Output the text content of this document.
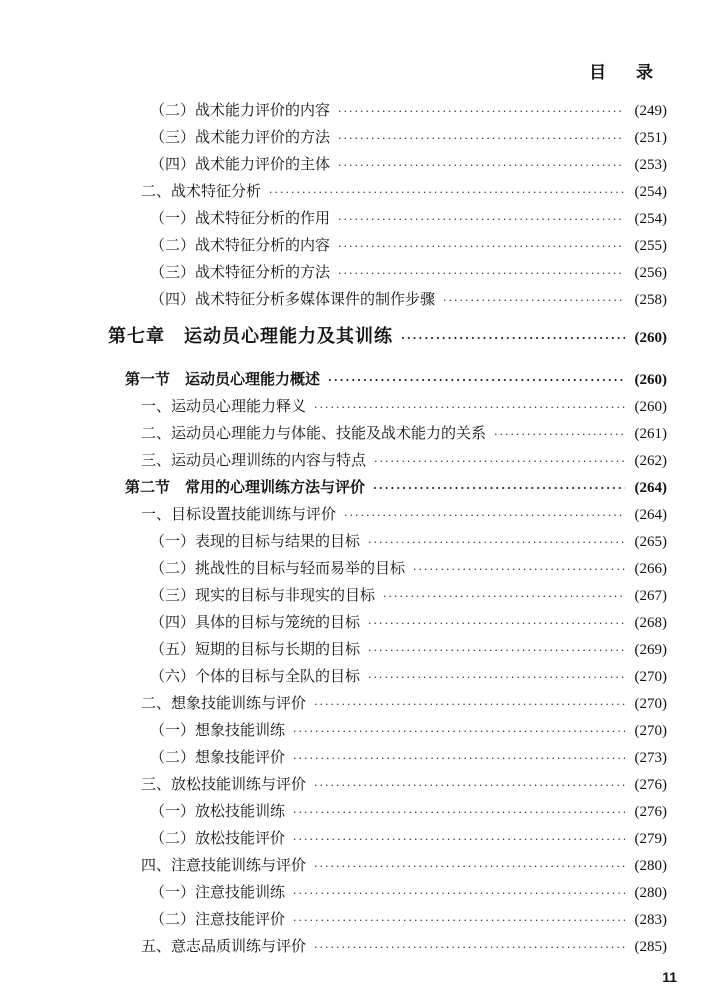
目 录
（二）战术能力评价的内容 ·····	(249)
（三）战术能力评价的方法 ·····	(251)
（四）战术能力评价的主体 ·····	(253)
二、战术特征分析 ·····	(254)
（一）战术特征分析的作用 ·····	(254)
（二）战术特征分析的内容 ·····	(255)
（三）战术特征分析的方法 ·····	(256)
（四）战术特征分析多媒体课件的制作步骤 ·····	(258)
第七章　运动员心理能力及其训练 ·····	(260)
第一节　运动员心理能力概述 ·····	(260)
一、运动员心理能力释义 ·····	(260)
二、运动员心理能力与体能、技能及战术能力的关系 ·····	(261)
三、运动员心理训练的内容与特点 ·····	(262)
第二节　常用的心理训练方法与评价 ·····	(264)
一、目标设置技能训练与评价 ·····	(264)
（一）表现的目标与结果的目标 ·····	(265)
（二）挑战性的目标与轻而易举的目标 ·····	(266)
（三）现实的目标与非现实的目标 ·····	(267)
（四）具体的目标与笼统的目标 ·····	(268)
（五）短期的目标与长期的目标 ·····	(269)
（六）个体的目标与全队的目标 ·····	(270)
二、想象技能训练与评价 ·····	(270)
（一）想象技能训练 ·····	(270)
（二）想象技能评价 ·····	(273)
三、放松技能训练与评价 ·····	(276)
（一）放松技能训练 ·····	(276)
（二）放松技能评价 ·····	(279)
四、注意技能训练与评价 ·····	(280)
（一）注意技能训练 ·····	(280)
（二）注意技能评价 ·····	(283)
五、意志品质训练与评价 ·····	(285)
11
